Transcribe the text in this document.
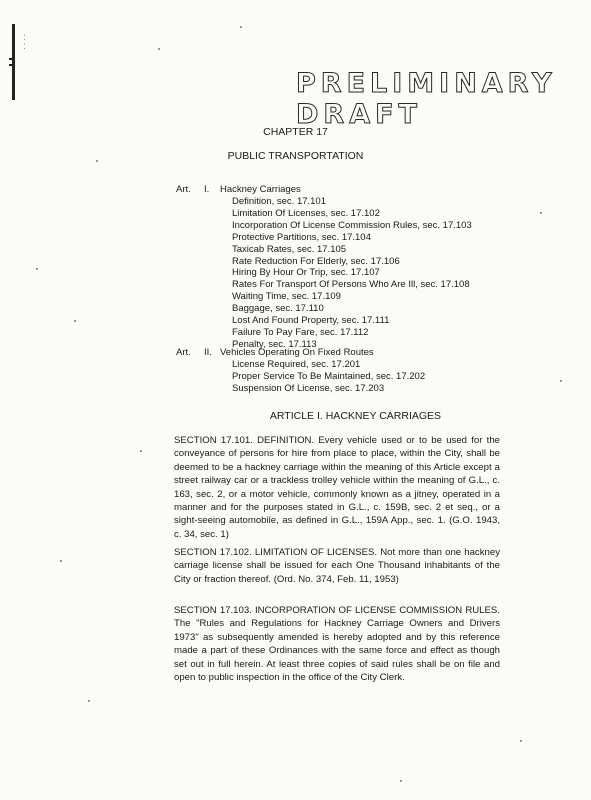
· · · ·
PRELIMINARY DRAFT
CHAPTER 17
PUBLIC TRANSPORTATION
Art. I. Hackney Carriages
Definition, sec. 17.101
Limitation Of Licenses, sec. 17.102
Incorporation Of License Commission Rules, sec. 17.103
Protective Partitions, sec. 17.104
Taxicab Rates, sec. 17.105
Rate Reduction For Elderly, sec. 17.106
Hiring By Hour Or Trip, sec. 17.107
Rates For Transport Of Persons Who Are Ill, sec. 17.108
Waiting Time, sec. 17.109
Baggage, sec. 17.110
Lost And Found Property, sec. 17.111
Failure To Pay Fare, sec. 17.112
Penalty, sec. 17.113
Art. II. Vehicles Operating On Fixed Routes
License Required, sec. 17.201
Proper Service To Be Maintained, sec. 17.202
Suspension Of License, sec. 17.203
ARTICLE I. HACKNEY CARRIAGES
SECTION 17.101. DEFINITION. Every vehicle used or to be used for the conveyance of persons for hire from place to place, within the City, shall be deemed to be a hackney carriage within the meaning of this Article except a street railway car or a trackless trolley vehicle within the meaning of G.L., c. 163, sec. 2, or a motor vehicle, commonly known as a jitney, operated in a manner and for the purposes stated in G.L., c. 159B, sec. 2 et seq., or a sight-seeing automobile, as defined in G.L., 159A App., sec. 1. (G.O. 1943, c. 34, sec. 1)
SECTION 17.102. LIMITATION OF LICENSES. Not more than one hackney carriage license shall be issued for each One Thousand inhabitants of the City or fraction thereof. (Ord. No. 374, Feb. 11, 1953)
SECTION 17.103. INCORPORATION OF LICENSE COMMISSION RULES. The "Rules and Regulations for Hackney Carriage Owners and Drivers 1973" as subsequently amended is hereby adopted and by this reference made a part of these Ordinances with the same force and effect as though set out in full herein. At least three copies of said rules shall be on file and open to public inspection in the office of the City Clerk.
